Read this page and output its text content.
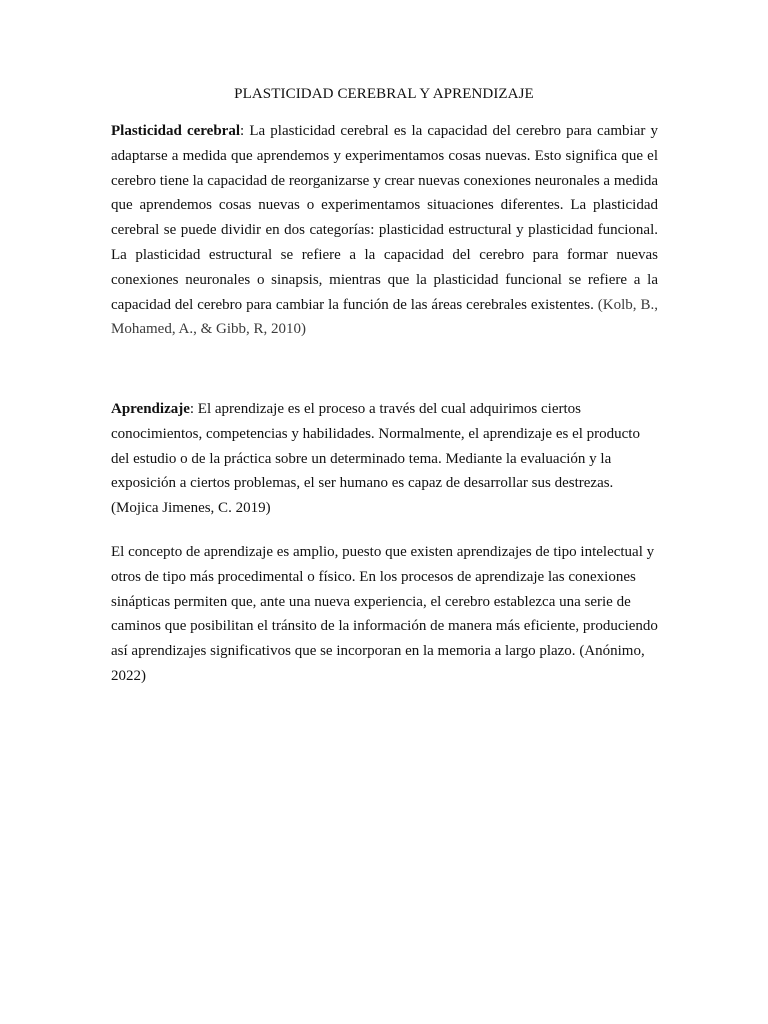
PLASTICIDAD CEREBRAL Y APRENDIZAJE

Plasticidad cerebral: La plasticidad cerebral es la capacidad del cerebro para cambiar y adaptarse a medida que aprendemos y experimentamos cosas nuevas. Esto significa que el cerebro tiene la capacidad de reorganizarse y crear nuevas conexiones neuronales a medida que aprendemos cosas nuevas o experimentamos situaciones diferentes. La plasticidad cerebral se puede dividir en dos categorías: plasticidad estructural y plasticidad funcional. La plasticidad estructural se refiere a la capacidad del cerebro para formar nuevas conexiones neuronales o sinapsis, mientras que la plasticidad funcional se refiere a la capacidad del cerebro para cambiar la función de las áreas cerebrales existentes. (Kolb, B., Mohamed, A., & Gibb, R, 2010)

Aprendizaje: El aprendizaje es el proceso a través del cual adquirimos ciertos conocimientos, competencias y habilidades. Normalmente, el aprendizaje es el producto del estudio o de la práctica sobre un determinado tema. Mediante la evaluación y la exposición a ciertos problemas, el ser humano es capaz de desarrollar sus destrezas. (Mojica Jimenes, C. 2019)

El concepto de aprendizaje es amplio, puesto que existen aprendizajes de tipo intelectual y otros de tipo más procedimental o físico. En los procesos de aprendizaje las conexiones sinápticas permiten que, ante una nueva experiencia, el cerebro establezca una serie de caminos que posibilitan el tránsito de la información de manera más eficiente, produciendo así aprendizajes significativos que se incorporan en la memoria a largo plazo. (Anónimo, 2022)
